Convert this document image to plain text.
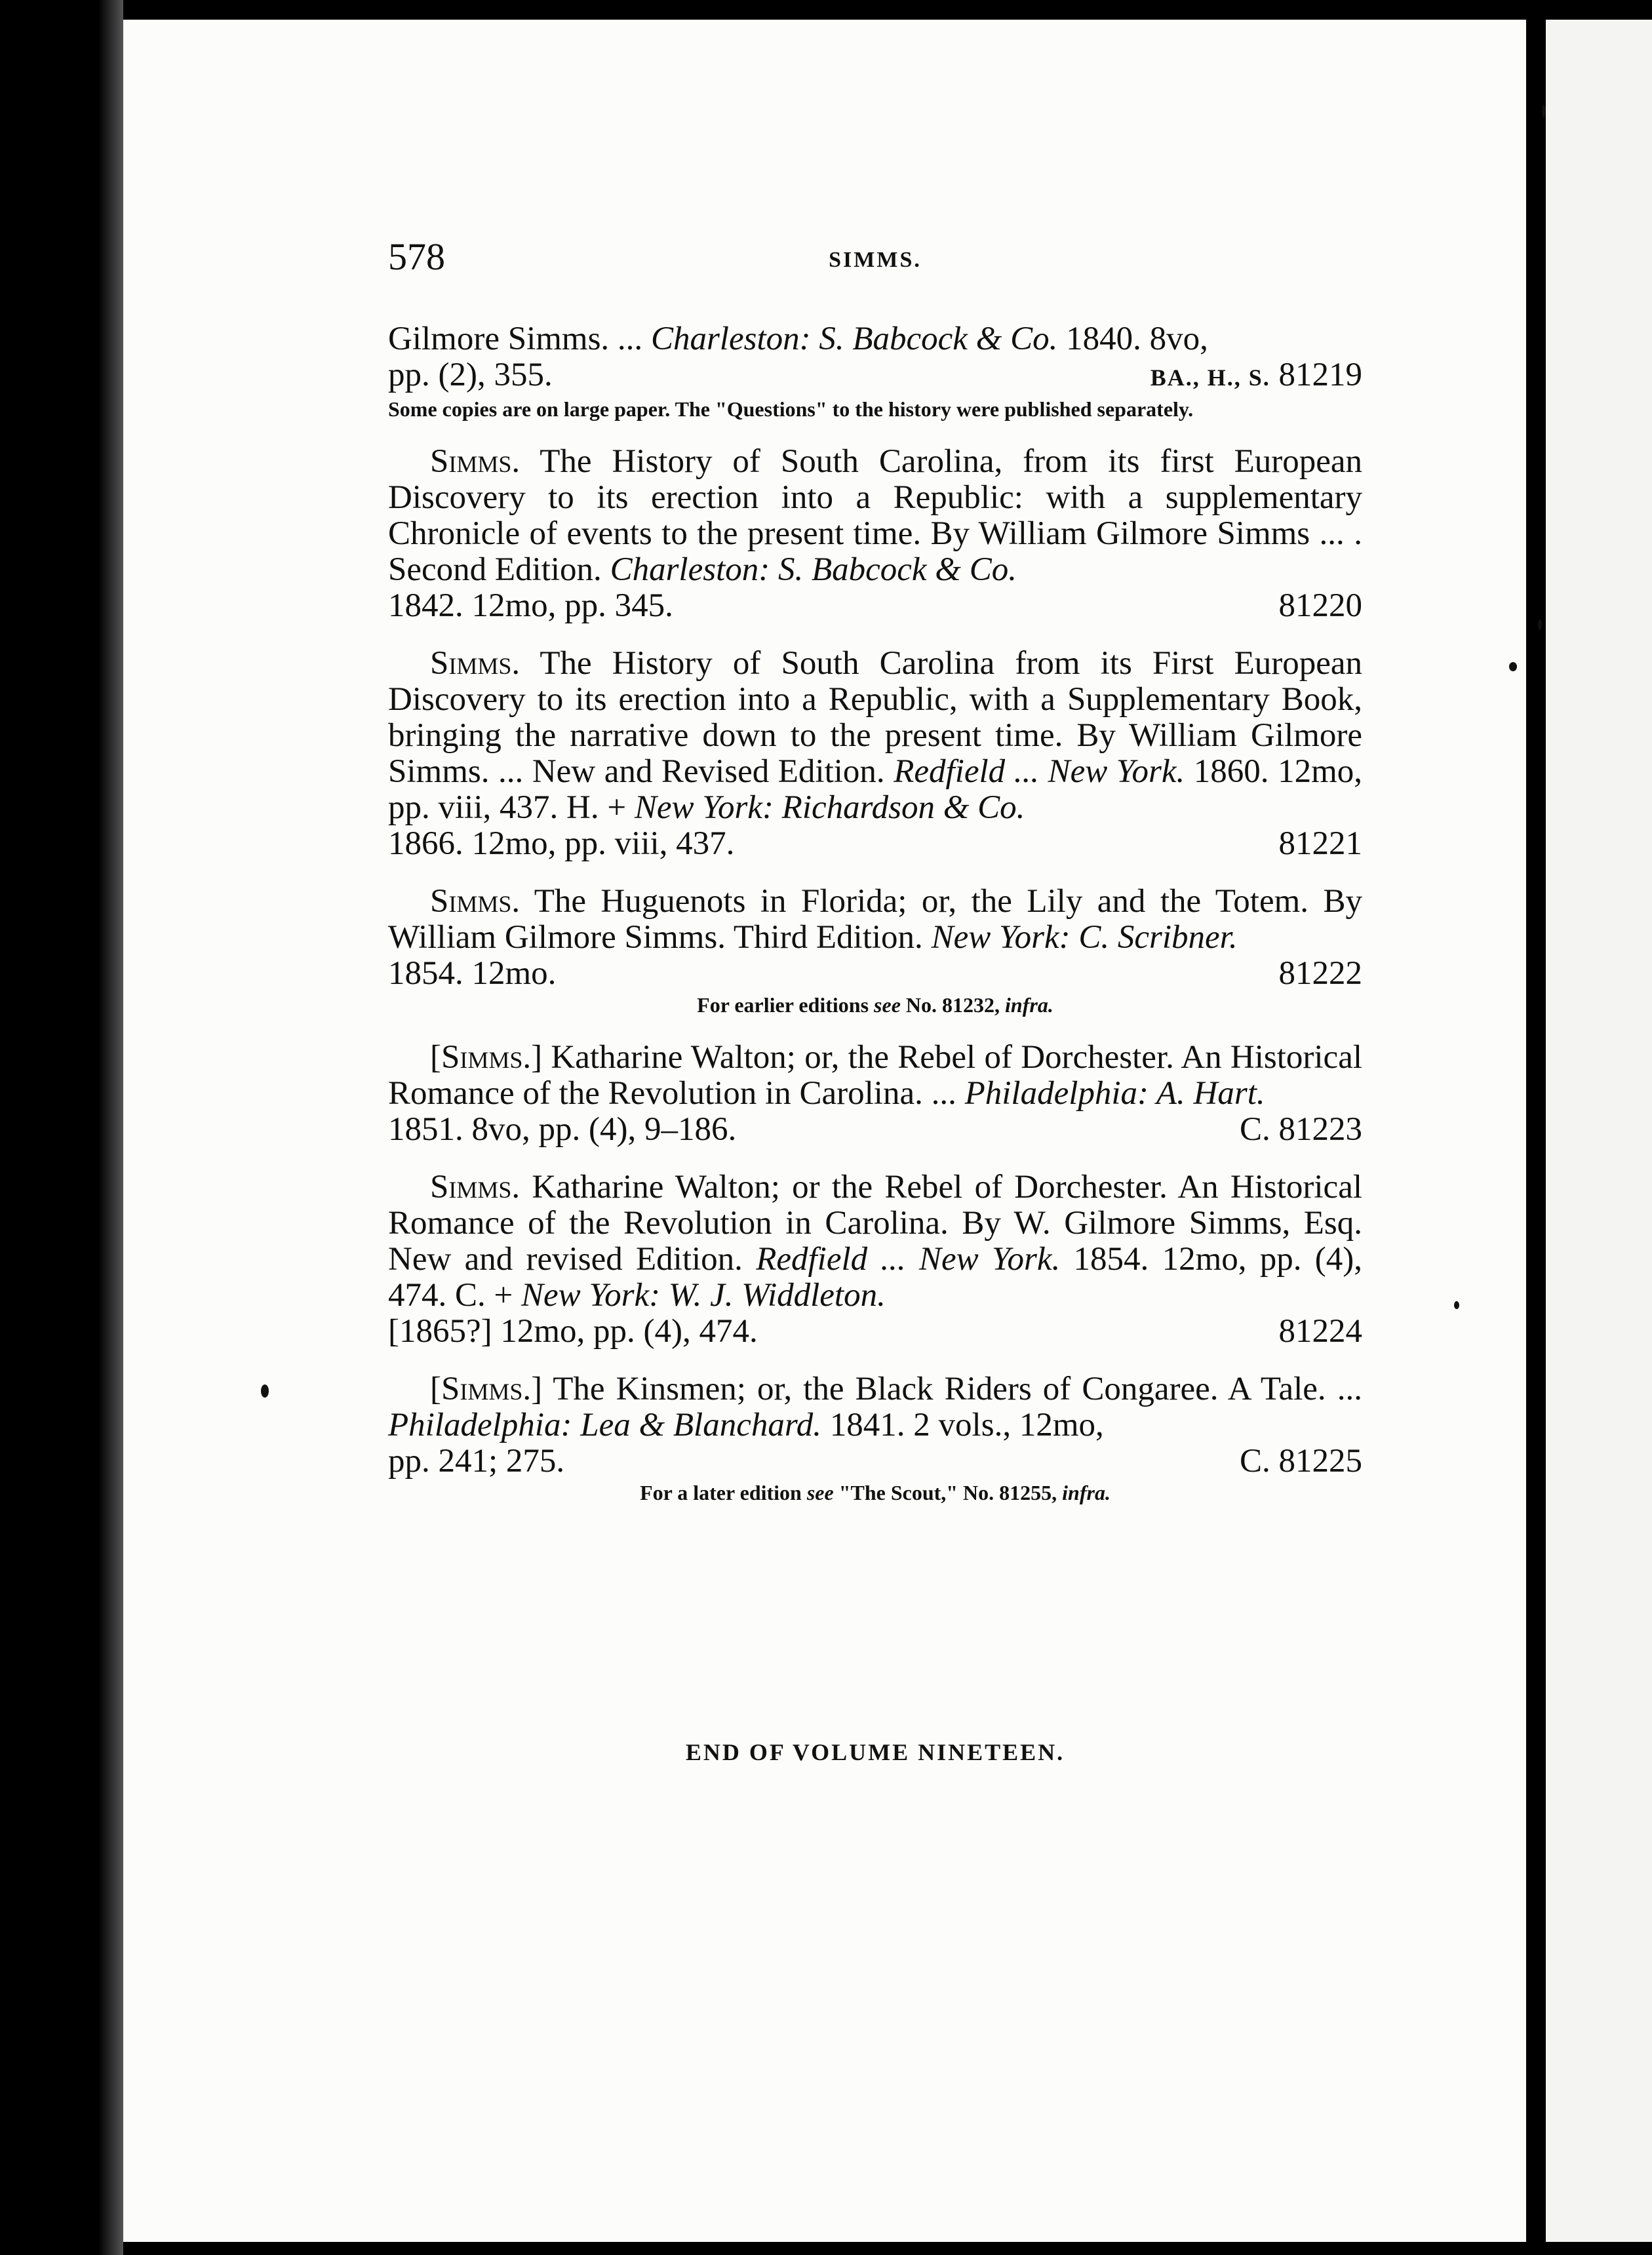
578	SIMMS.

Gilmore Simms. ... Charleston: S. Babcock & Co. 1840. 8vo,

pp. (2), 355.	BA., H., S. 81219

Some copies are on large paper. The "Questions" to the history were published separately.

Simms. The History of South Carolina, from its first European Discovery to its erection into a Republic: with a supplementary Chronicle of events to the present time. By William Gilmore Simms ... . Second Edition. Charleston: S. Babcock & Co.

1842. 12mo, pp. 345.	81220

Simms. The History of South Carolina from its First European Discovery to its erection into a Republic, with a Supplementary Book, bringing the narrative down to the present time. By William Gilmore Simms. ... New and Revised Edition. Redfield ... New York. 1860. 12mo, pp. viii, 437. H. + New York: Richardson & Co.

1866. 12mo, pp. viii, 437.	81221

Simms. The Huguenots in Florida; or, the Lily and the Totem. By William Gilmore Simms. Third Edition. New York: C. Scribner.

1854. 12mo.	81222

For earlier editions see No. 81232, infra.

[Simms.] Katharine Walton; or, the Rebel of Dorchester. An Historical Romance of the Revolution in Carolina. ... Philadelphia: A. Hart.

1851. 8vo, pp. (4), 9–186.	C. 81223

Simms. Katharine Walton; or the Rebel of Dorchester. An Historical Romance of the Revolution in Carolina. By W. Gilmore Simms, Esq. New and revised Edition. Redfield ... New York. 1854. 12mo, pp. (4), 474. C. + New York: W. J. Widdleton.

[1865?] 12mo, pp. (4), 474.	81224

[Simms.] The Kinsmen; or, the Black Riders of Congaree. A Tale. ... Philadelphia: Lea & Blanchard. 1841. 2 vols., 12mo,

pp. 241; 275.	C. 81225

For a later edition see "The Scout," No. 81255, infra.

END OF VOLUME NINETEEN.
